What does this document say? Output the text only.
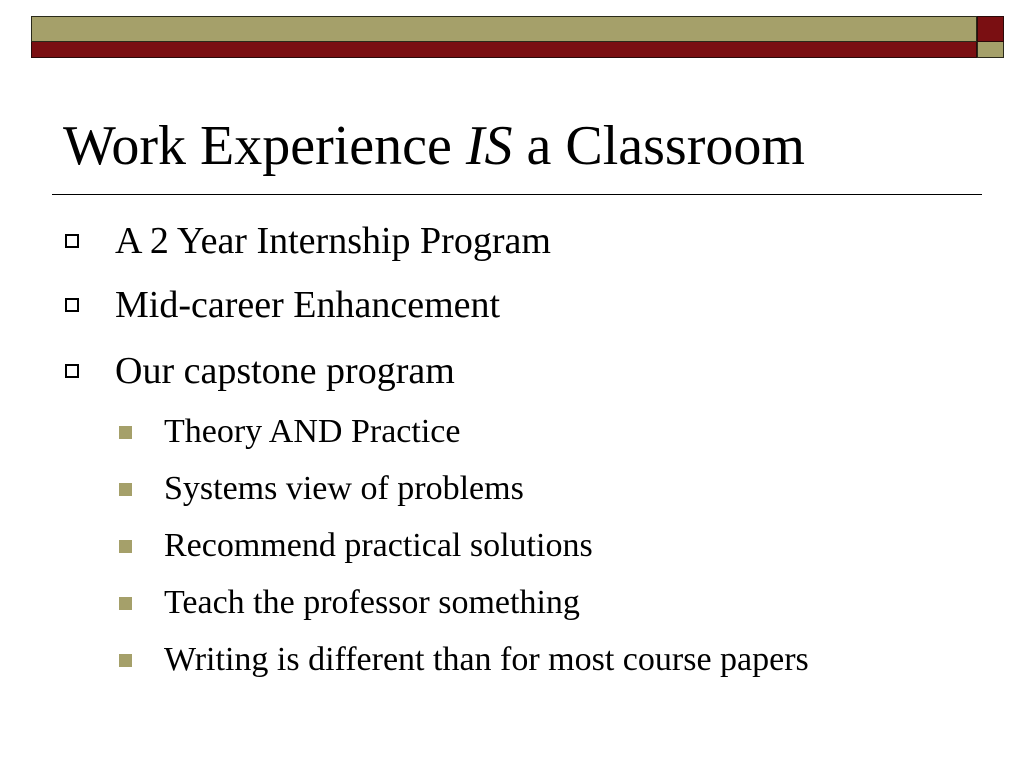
Work Experience IS a Classroom
A 2 Year Internship Program
Mid-career Enhancement
Our capstone program
Theory AND Practice
Systems view of problems
Recommend practical solutions
Teach the professor something
Writing is different than for most course papers
